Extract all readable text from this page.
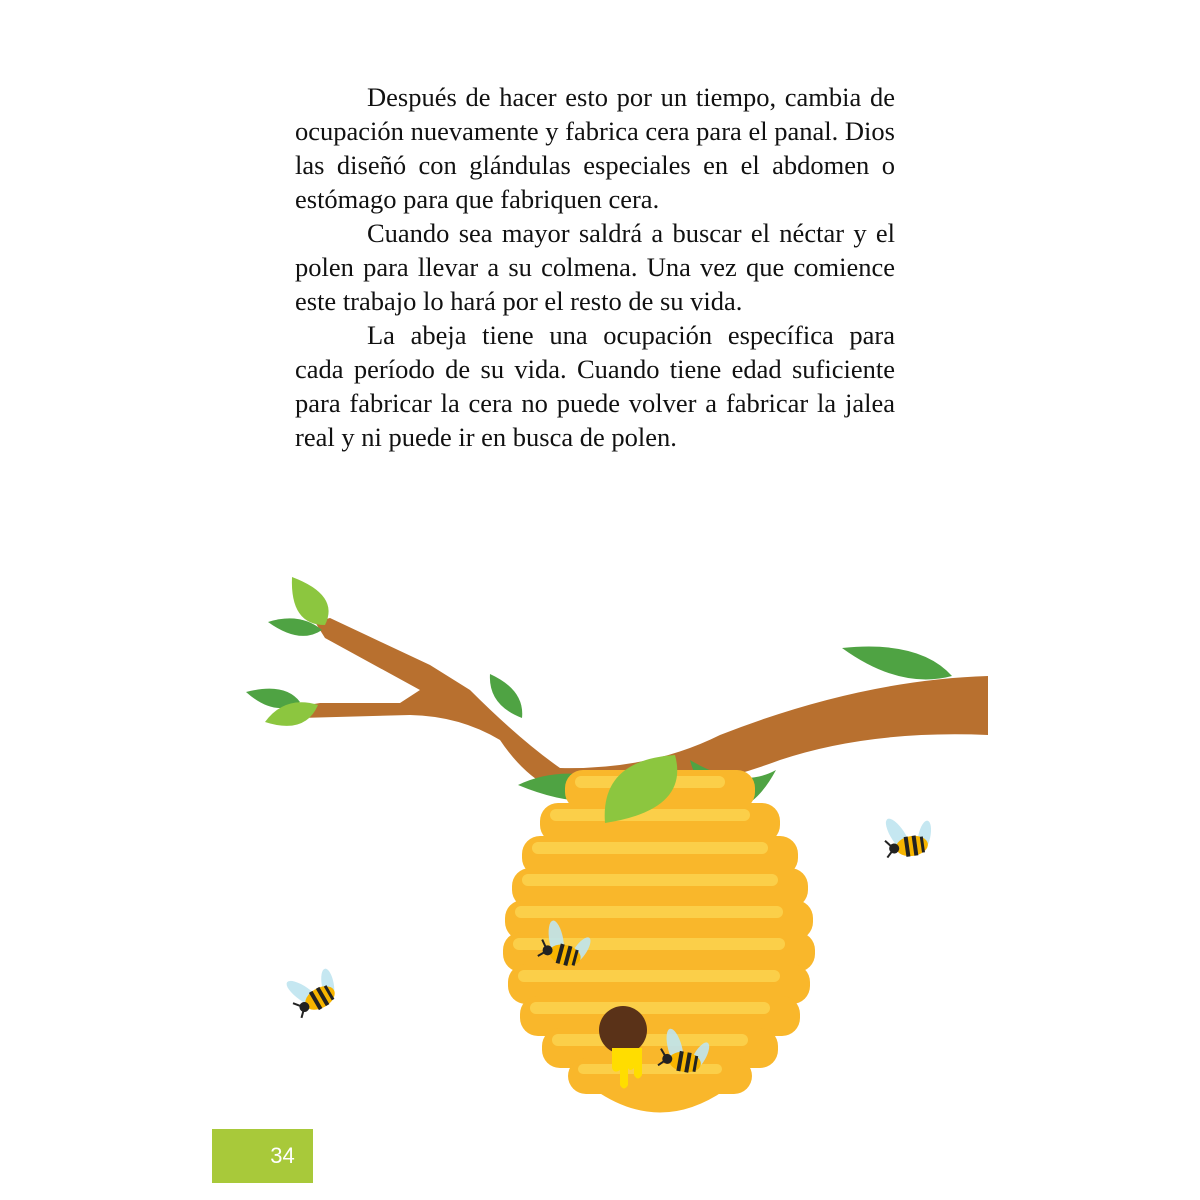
Después de hacer esto por un tiempo, cambia de ocupación nuevamente y fabrica cera para el panal. Dios las diseñó con glándulas especiales en el abdomen o estómago para que fabriquen cera.

Cuando sea mayor saldrá a buscar el néctar y el polen para llevar a su colmena. Una vez que comience este trabajo lo hará por el resto de su vida.

La abeja tiene una ocupación específica para cada período de su vida. Cuando tiene edad suficiente para fabricar la cera no puede volver a fabricar la jalea real y ni puede ir en busca de polen.

34
